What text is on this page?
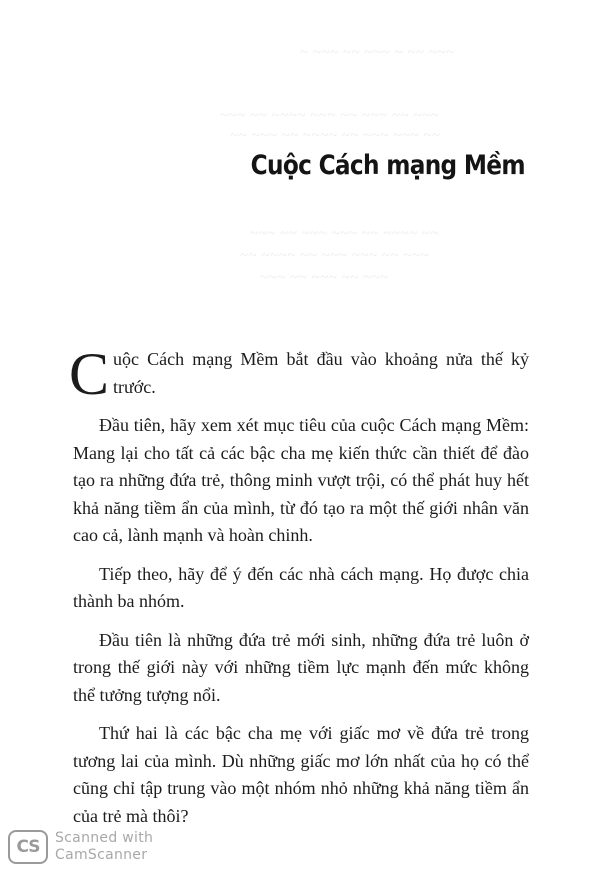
~ ~~~ ~~ ~~~ ~ ~~ ~~~
~~~ ~~ ~~~~ ~~~ ~~ ~~~ ~~ ~~~
~~ ~~~ ~~ ~~~~ ~~ ~~~ ~~~ ~~
~~~ ~~ ~~~ ~~~ ~~ ~~~~ ~~
~~ ~~~~ ~~ ~~~ ~~~ ~~ ~~~
~~~ ~~ ~~~ ~~ ~~~
Cuộc Cách mạng Mềm

Cuộc Cách mạng Mềm bắt đầu vào khoảng nửa thế kỷ trước.

Đầu tiên, hãy xem xét mục tiêu của cuộc Cách mạng Mềm: Mang lại cho tất cả các bậc cha mẹ kiến thức cần thiết để đào tạo ra những đứa trẻ, thông minh vượt trội, có thể phát huy hết khả năng tiềm ẩn của mình, từ đó tạo ra một thế giới nhân văn cao cả, lành mạnh và hoàn chinh.

Tiếp theo, hãy để ý đến các nhà cách mạng. Họ được chia thành ba nhóm.

Đầu tiên là những đứa trẻ mới sinh, những đứa trẻ luôn ở trong thế giới này với những tiềm lực mạnh đến mức không thể tưởng tượng nổi.

Thứ hai là các bậc cha mẹ với giấc mơ về đứa trẻ trong tương lai của mình. Dù những giấc mơ lớn nhất của họ có thể cũng chỉ tập trung vào một nhóm nhỏ những khả năng tiềm ẩn của trẻ mà thôi?

CS	Scanned with
CamScanner
